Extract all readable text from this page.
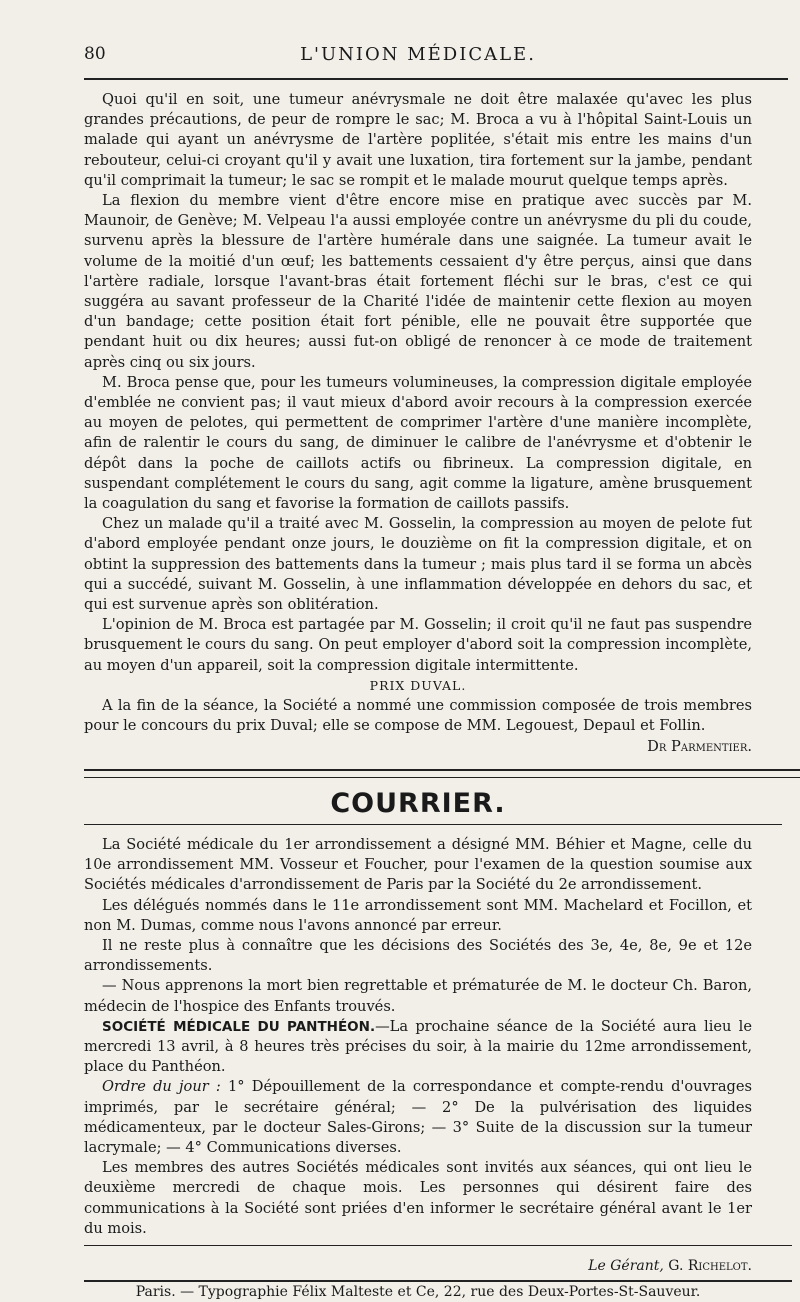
80	L'UNION MÉDICALE.

Quoi qu'il en soit, une tumeur anévrysmale ne doit être malaxée qu'avec les plus grandes précautions, de peur de rompre le sac; M. Broca a vu à l'hôpital Saint-Louis un malade qui ayant un anévrysme de l'artère poplitée, s'était mis entre les mains d'un rebouteur, celui-ci croyant qu'il y avait une luxation, tira fortement sur la jambe, pendant qu'il comprimait la tumeur; le sac se rompit et le malade mourut quelque temps après.

La flexion du membre vient d'être encore mise en pratique avec succès par M. Maunoir, de Genève; M. Velpeau l'a aussi employée contre un anévrysme du pli du coude, survenu après la blessure de l'artère humérale dans une saignée. La tumeur avait le volume de la moitié d'un œuf; les battements cessaient d'y être perçus, ainsi que dans l'artère radiale, lorsque l'avant-bras était fortement fléchi sur le bras, c'est ce qui suggéra au savant professeur de la Charité l'idée de maintenir cette flexion au moyen d'un bandage; cette position était fort pénible, elle ne pouvait être supportée que pendant huit ou dix heures; aussi fut-on obligé de renoncer à ce mode de traitement après cinq ou six jours.

M. Broca pense que, pour les tumeurs volumineuses, la compression digitale employée d'emblée ne convient pas; il vaut mieux d'abord avoir recours à la compression exercée au moyen de pelotes, qui permettent de comprimer l'artère d'une manière incomplète, afin de ralentir le cours du sang, de diminuer le calibre de l'anévrysme et d'obtenir le dépôt dans la poche de caillots actifs ou fibrineux. La compression digitale, en suspendant complétement le cours du sang, agit comme la ligature, amène brusquement la coagulation du sang et favorise la formation de caillots passifs.

Chez un malade qu'il a traité avec M. Gosselin, la compression au moyen de pelote fut d'abord employée pendant onze jours, le douzième on fit la compression digitale, et on obtint la suppression des battements dans la tumeur ; mais plus tard il se forma un abcès qui a succédé, suivant M. Gosselin, à une inflammation développée en dehors du sac, et qui est survenue après son oblitération.

L'opinion de M. Broca est partagée par M. Gosselin; il croit qu'il ne faut pas suspendre brusquement le cours du sang. On peut employer d'abord soit la compression incomplète, au moyen d'un appareil, soit la compression digitale intermittente.

PRIX DUVAL.

A la fin de la séance, la Société a nommé une commission composée de trois membres pour le concours du prix Duval; elle se compose de MM. Legouest, Depaul et Follin.

Dr Parmentier.

COURRIER.

La Société médicale du 1er arrondissement a désigné MM. Béhier et Magne, celle du 10e arrondissement MM. Vosseur et Foucher, pour l'examen de la question soumise aux Sociétés médicales d'arrondissement de Paris par la Société du 2e arrondissement.

Les délégués nommés dans le 11e arrondissement sont MM. Machelard et Focillon, et non M. Dumas, comme nous l'avons annoncé par erreur.

Il ne reste plus à connaître que les décisions des Sociétés des 3e, 4e, 8e, 9e et 12e arrondissements.

— Nous apprenons la mort bien regrettable et prématurée de M. le docteur Ch. Baron, médecin de l'hospice des Enfants trouvés.

SOCIÉTÉ MÉDICALE DU PANTHÉON.—La prochaine séance de la Société aura lieu le mercredi 13 avril, à 8 heures très précises du soir, à la mairie du 12me arrondissement, place du Panthéon.

Ordre du jour : 1° Dépouillement de la correspondance et compte-rendu d'ouvrages imprimés, par le secrétaire général; — 2° De la pulvérisation des liquides médicamenteux, par le docteur Sales-Girons; — 3° Suite de la discussion sur la tumeur lacrymale; — 4° Communications diverses.

Les membres des autres Sociétés médicales sont invités aux séances, qui ont lieu le deuxième mercredi de chaque mois. Les personnes qui désirent faire des communications à la Société sont priées d'en informer le secrétaire général avant le 1er du mois.

Le Gérant, G. Richelot.

Paris. — Typographie Félix Malteste et Ce, 22, rue des Deux-Portes-St-Sauveur.
